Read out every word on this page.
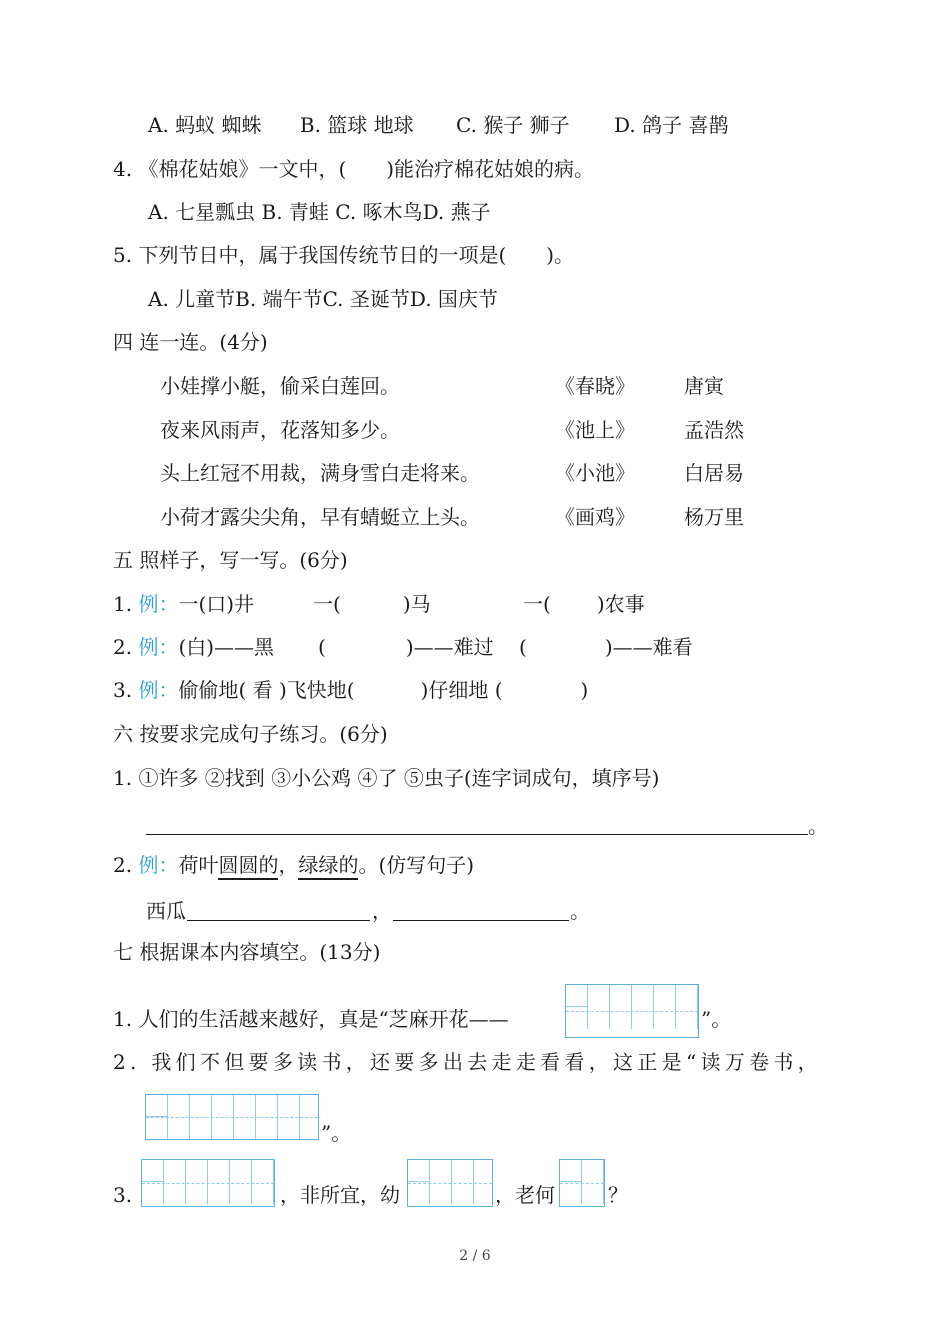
A. 蚂蚁 蜘蛛 B. 篮球 地球 C. 猴子 狮子 D. 鸽子 喜鹊
4. 《棉花姑娘》一文中，( )能治疗棉花姑娘的病。
A. 七星瓢虫 B. 青蛙 C. 啄木鸟D. 燕子
5. 下列节日中，属于我国传统节日的一项是( )。
A. 儿童节B. 端午节C. 圣诞节D. 国庆节
四 连一连。(4分)
小娃撑小艇，偷采白莲回。	《春晓》 唐寅
夜来风雨声，花落知多少。	《池上》 孟浩然
头上红冠不用裁，满身雪白走将来。	《小池》 白居易
小荷才露尖尖角，早有蜻蜓立上头。	《画鸡》 杨万里
五 照样子，写一写。(6分)
1. 例：一(口)井	一(	)马	一( )农事
2. 例：(白)——黑 (	)——难过 (	)——难看
3. 例：偷偷地( 看 )飞快地(	)仔细地 (	)
六 按要求完成句子练习。(6分)
1. ①许多 ②找到 ③小公鸡 ④了 ⑤虫子(连字词成句，填序号)
。
2. 例：荷叶圆圆的，绿绿的。(仿写句子)
西瓜	，	。
七 根据课本内容填空。(13分)
1. 人们的生活越来越好，真是“芝麻开花——	”。
2. 我们不但要多读书，还要多出去走走看看，这正是“读万卷书，
”。
3.	，非所宜，幼	，老何	？
2 / 6
